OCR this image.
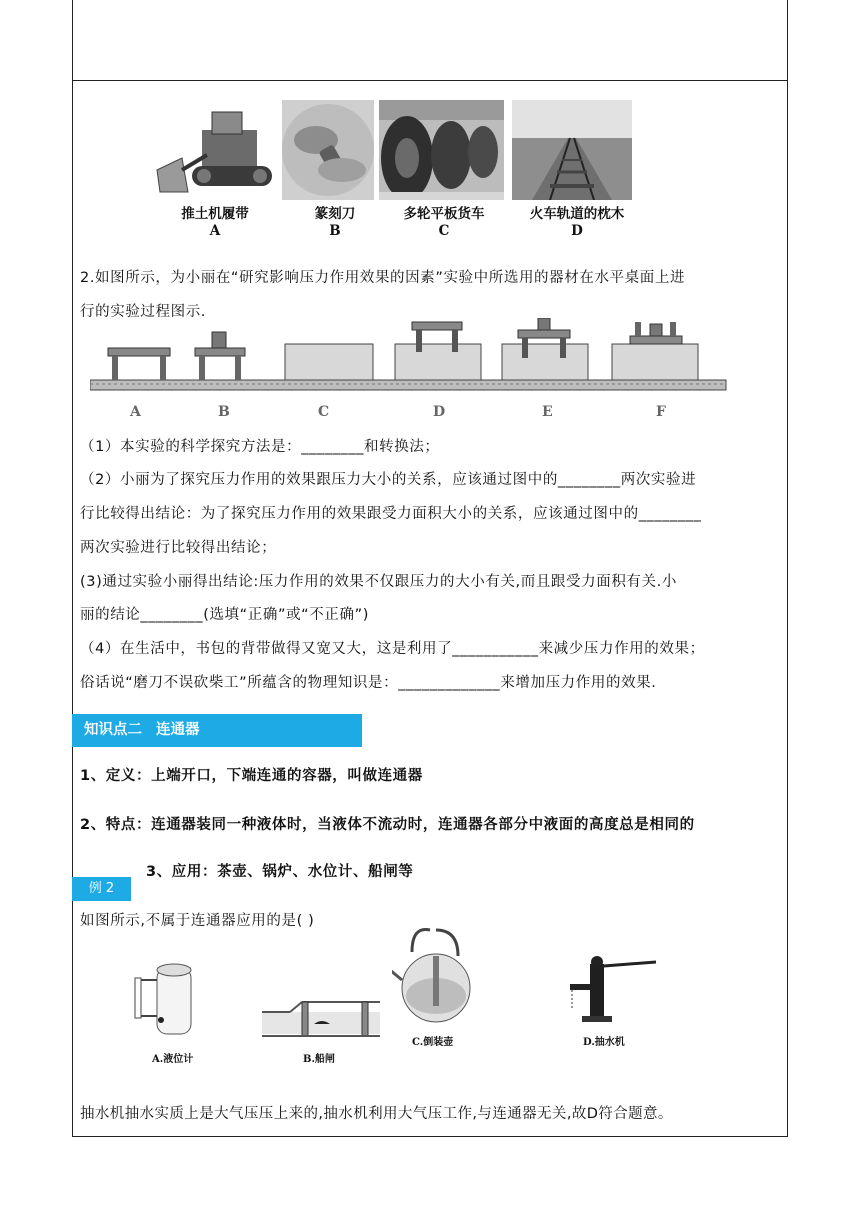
推土机履带
A
篆刻刀
B
多轮平板货车
C
火车轨道的枕木
D
2.如图所示，为小丽在“研究影响压力作用效果的因素”实验中所选用的器材在水平桌面上进
行的实验过程图示.
A	B	C	D	E	F
（1）本实验的科学探究方法是：________和转换法；
（2）小丽为了探究压力作用的效果跟压力大小的关系，应该通过图中的________两次实验进
行比较得出结论：为了探究压力作用的效果跟受力面积大小的关系，应该通过图中的________
两次实验进行比较得出结论；
(3)通过实验小丽得出结论:压力作用的效果不仅跟压力的大小有关,而且跟受力面积有关.小
丽的结论________(选填“正确”或“不正确”)
（4）在生活中，书包的背带做得又宽又大，这是利用了___________来减少压力作用的效果；
俗话说“磨刀不误砍柴工”所蕴含的物理知识是：_____________来增加压力作用的效果.
知识点二 连通器
1、定义：上端开口，下端连通的容器，叫做连通器
2、特点：连通器装同一种液体时，当液体不流动时，连通器各部分中液面的高度总是相同的
例 2
3、应用：茶壶、锅炉、水位计、船闸等
如图所示,不属于连通器应用的是( )
A.液位计	B.船闸
C.倒装壶	D.抽水机
抽水机抽水实质上是大气压压上来的,抽水机利用大气压工作,与连通器无关,故D符合题意。
